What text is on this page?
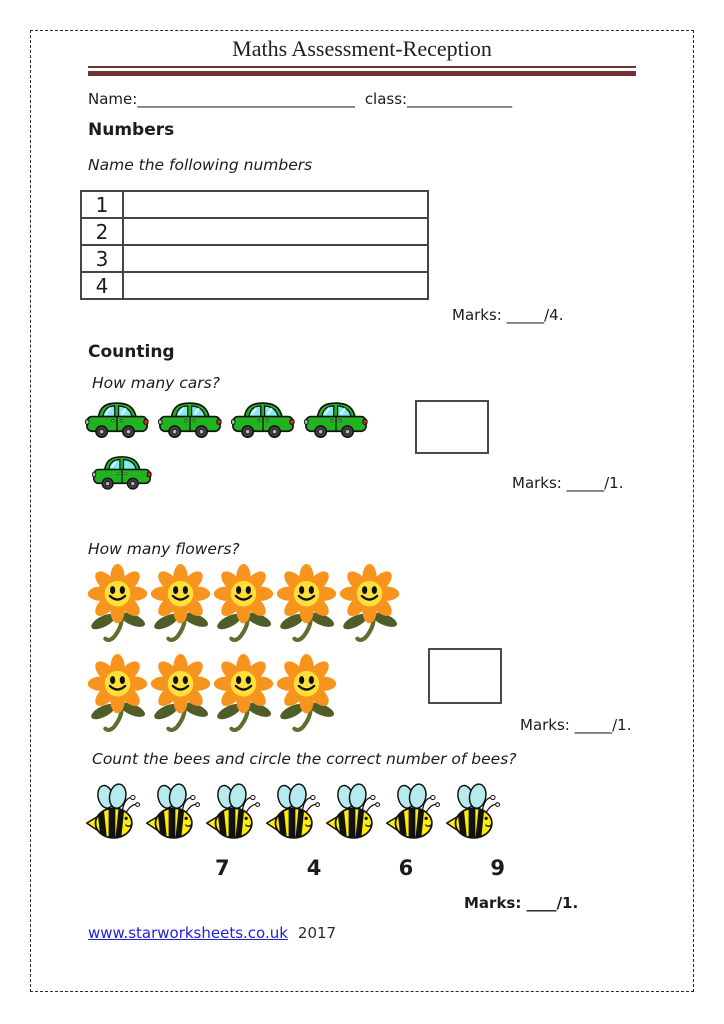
Maths Assessment-Reception
Name:_____________________________ class:______________
Numbers
Name the following numbers
1	
2	
3	
4	
Marks: _____/4.
Counting
How many cars?
Marks: _____/1.
How many flowers?
Marks: _____/1.
Count the bees and circle the correct number of bees?
7	4	6	9
Marks: ____/1.
www.starworksheets.co.uk 2017
